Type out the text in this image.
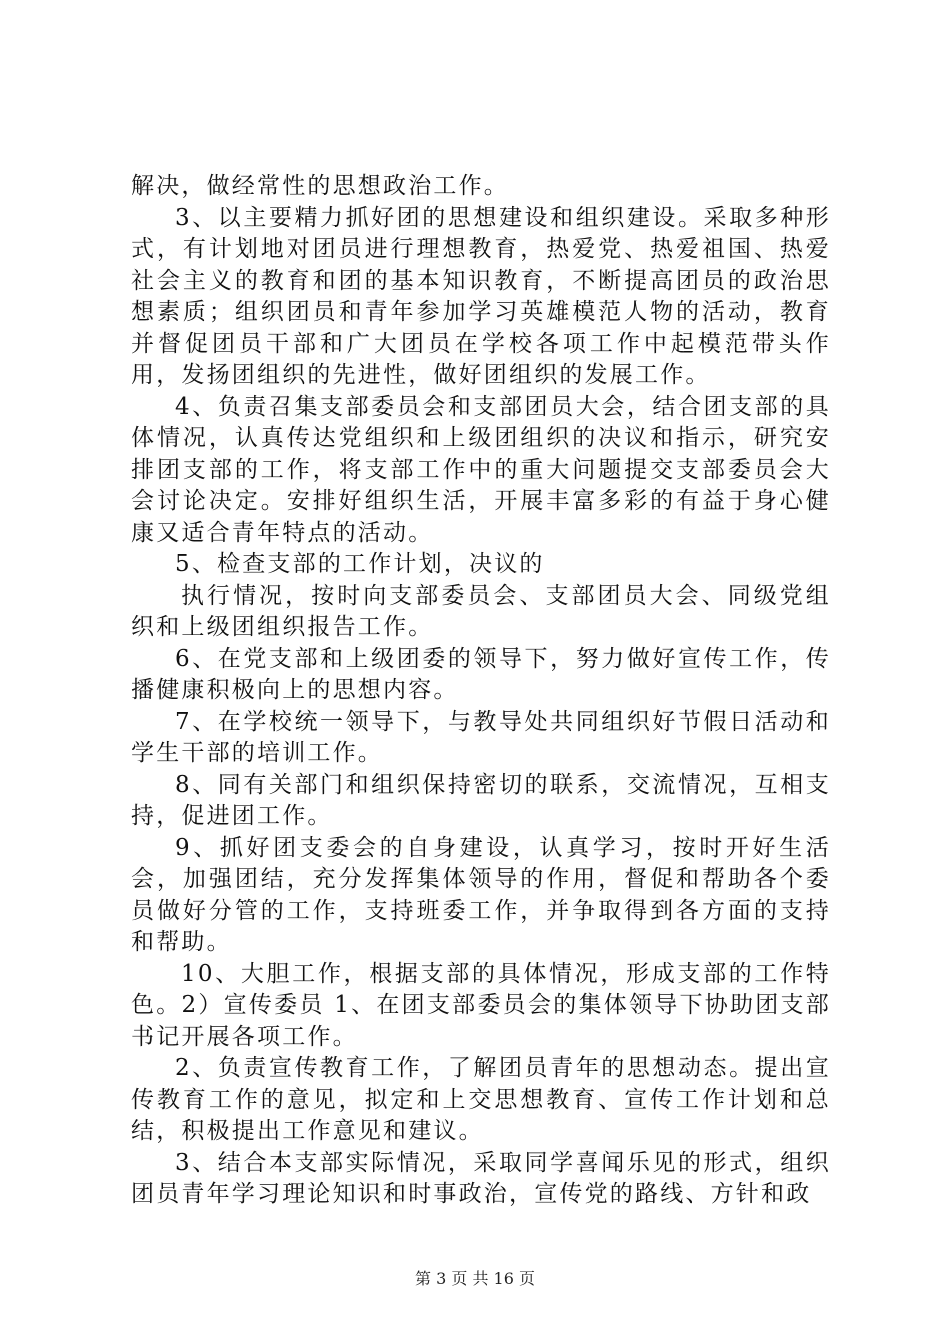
解决，做经常性的思想政治工作。

3、以主要精力抓好团的思想建设和组织建设。采取多种形式，有计划地对团员进行理想教育，热爱党、热爱祖国、热爱社会主义的教育和团的基本知识教育，不断提高团员的政治思想素质；组织团员和青年参加学习英雄模范人物的活动，教育并督促团员干部和广大团员在学校各项工作中起模范带头作用，发扬团组织的先进性，做好团组织的发展工作。

4、负责召集支部委员会和支部团员大会，结合团支部的具体情况，认真传达党组织和上级团组织的决议和指示，研究安排团支部的工作，将支部工作中的重大问题提交支部委员会大会讨论决定。安排好组织生活，开展丰富多彩的有益于身心健康又适合青年特点的活动。

5、检查支部的工作计划，决议的

执行情况，按时向支部委员会、支部团员大会、同级党组织和上级团组织报告工作。

6、在党支部和上级团委的领导下，努力做好宣传工作，传播健康积极向上的思想内容。

7、在学校统一领导下，与教导处共同组织好节假日活动和学生干部的培训工作。

8、同有关部门和组织保持密切的联系，交流情况，互相支持，促进团工作。

9、抓好团支委会的自身建设，认真学习，按时开好生活会，加强团结，充分发挥集体领导的作用，督促和帮助各个委员做好分管的工作，支持班委工作，并争取得到各方面的支持和帮助。

10、大胆工作，根据支部的具体情况，形成支部的工作特色。2）宣传委员 1、在团支部委员会的集体领导下协助团支部书记开展各项工作。

2、负责宣传教育工作，了解团员青年的思想动态。提出宣传教育工作的意见，拟定和上交思想教育、宣传工作计划和总结，积极提出工作意见和建议。

3、结合本支部实际情况，采取同学喜闻乐见的形式，组织团员青年学习理论知识和时事政治，宣传党的路线、方针和政

第 3 页 共 16 页
